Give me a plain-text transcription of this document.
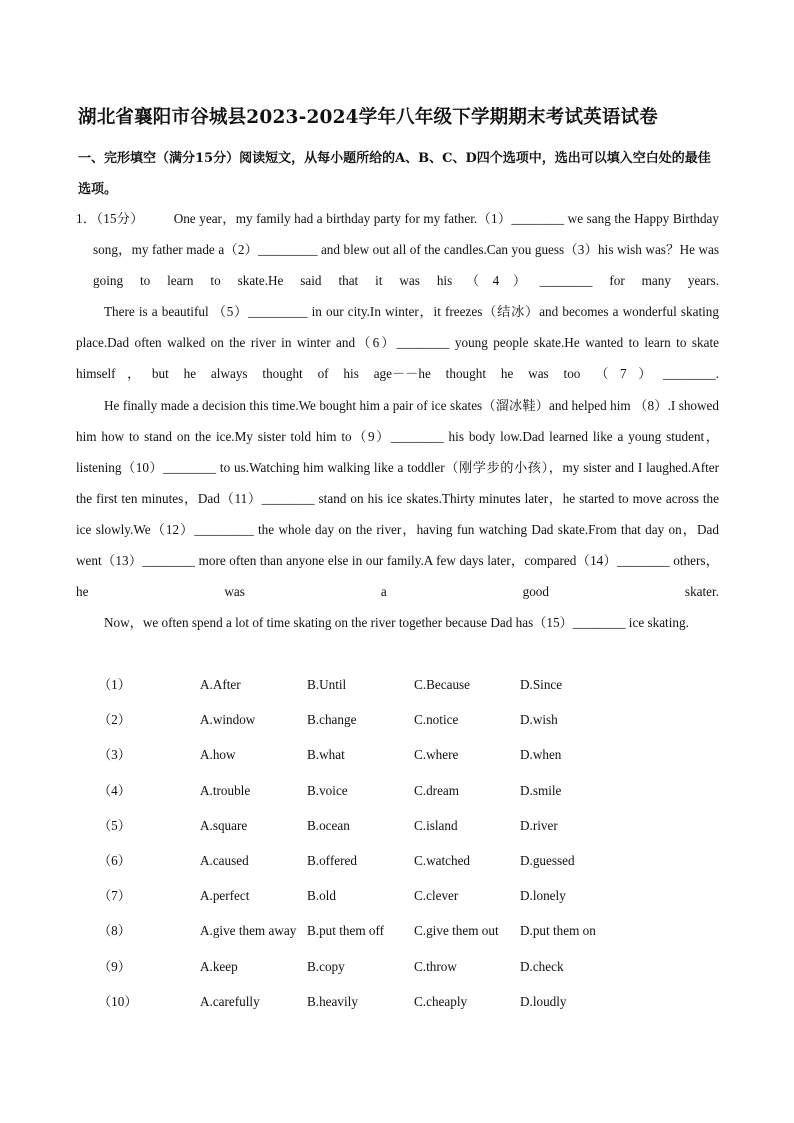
湖北省襄阳市谷城县2023-2024学年八年级下学期期末考试英语试卷
一、完形填空（满分15分）阅读短文，从每小题所给的A、B、C、D四个选项中，选出可以填入空白处的最佳选项。

1．（15分） One year，my family had a birthday party for my father.（1）________ we sang the Happy Birthday song，my father made a（2）_________ and blew out all of the candles.Can you guess（3）his wish was？He was going to learn to skate.He said that it was his（4）________ for many years.

There is a beautiful （5）_________ in our city.In winter，it freezes（结冰）and becomes a wonderful skating place.Dad often walked on the river in winter and（6）________ young people skate.He wanted to learn to skate himself，but he always thought of his age－－he thought he was too （7）________.

He finally made a decision this time.We bought him a pair of ice skates（溜冰鞋）and helped him （8）.I showed him how to stand on the ice.My sister told him to（9）________ his body low.Dad learned like a young student，listening（10）________ to us.Watching him walking like a toddler（刚学步的小孩），my sister and I laughed.After the first ten minutes，Dad（11）________ stand on his ice skates.Thirty minutes later，he started to move across the ice slowly.We（12）_________ the whole day on the river，having fun watching Dad skate.From that day on，Dad went（13）________ more often than anyone else in our family.A few days later，compared（14）________ others，he was a good skater.

Now，we often spend a lot of time skating on the river together because Dad has（15）________ ice skating.

（1）	A.After	B.Until	C.Because	D.Since
（2）	A.window	B.change	C.notice	D.wish
（3）	A.how	B.what	C.where	D.when
（4）	A.trouble	B.voice	C.dream	D.smile
（5）	A.square	B.ocean	C.island	D.river
（6）	A.caused	B.offered	C.watched	D.guessed
（7）	A.perfect	B.old	C.clever	D.lonely
（8）	A.give them away B.put them off C.give them out D.put them on
（9）	A.keep	B.copy	C.throw	D.check
（10）	A.carefully	B.heavily	C.cheaply	D.loudly
